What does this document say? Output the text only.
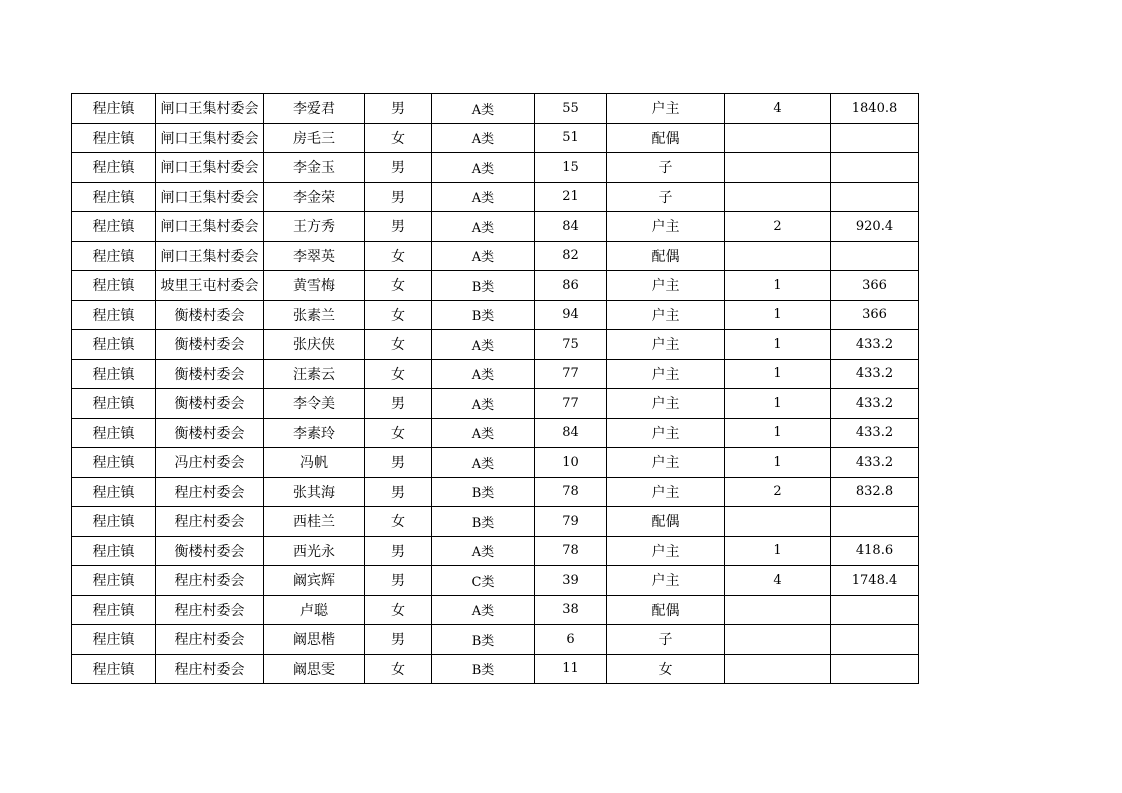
程庄镇	闸口王集村委会	李爱君	男	A类	55	户主	4	1840.8
程庄镇	闸口王集村委会	房毛三	女	A类	51	配偶		
程庄镇	闸口王集村委会	李金玉	男	A类	15	子		
程庄镇	闸口王集村委会	李金荣	男	A类	21	子		
程庄镇	闸口王集村委会	王方秀	男	A类	84	户主	2	920.4
程庄镇	闸口王集村委会	李翠英	女	A类	82	配偶		
程庄镇	坡里王屯村委会	黄雪梅	女	B类	86	户主	1	366
程庄镇	衡楼村委会	张素兰	女	B类	94	户主	1	366
程庄镇	衡楼村委会	张庆侠	女	A类	75	户主	1	433.2
程庄镇	衡楼村委会	汪素云	女	A类	77	户主	1	433.2
程庄镇	衡楼村委会	李令美	男	A类	77	户主	1	433.2
程庄镇	衡楼村委会	李素玲	女	A类	84	户主	1	433.2
程庄镇	冯庄村委会	冯帆	男	A类	10	户主	1	433.2
程庄镇	程庄村委会	张其海	男	B类	78	户主	2	832.8
程庄镇	程庄村委会	西桂兰	女	B类	79	配偶		
程庄镇	衡楼村委会	西光永	男	A类	78	户主	1	418.6
程庄镇	程庄村委会	阚宾辉	男	C类	39	户主	4	1748.4
程庄镇	程庄村委会	卢聪	女	A类	38	配偶		
程庄镇	程庄村委会	阚思楷	男	B类	6	子		
程庄镇	程庄村委会	阚思雯	女	B类	11	女		
